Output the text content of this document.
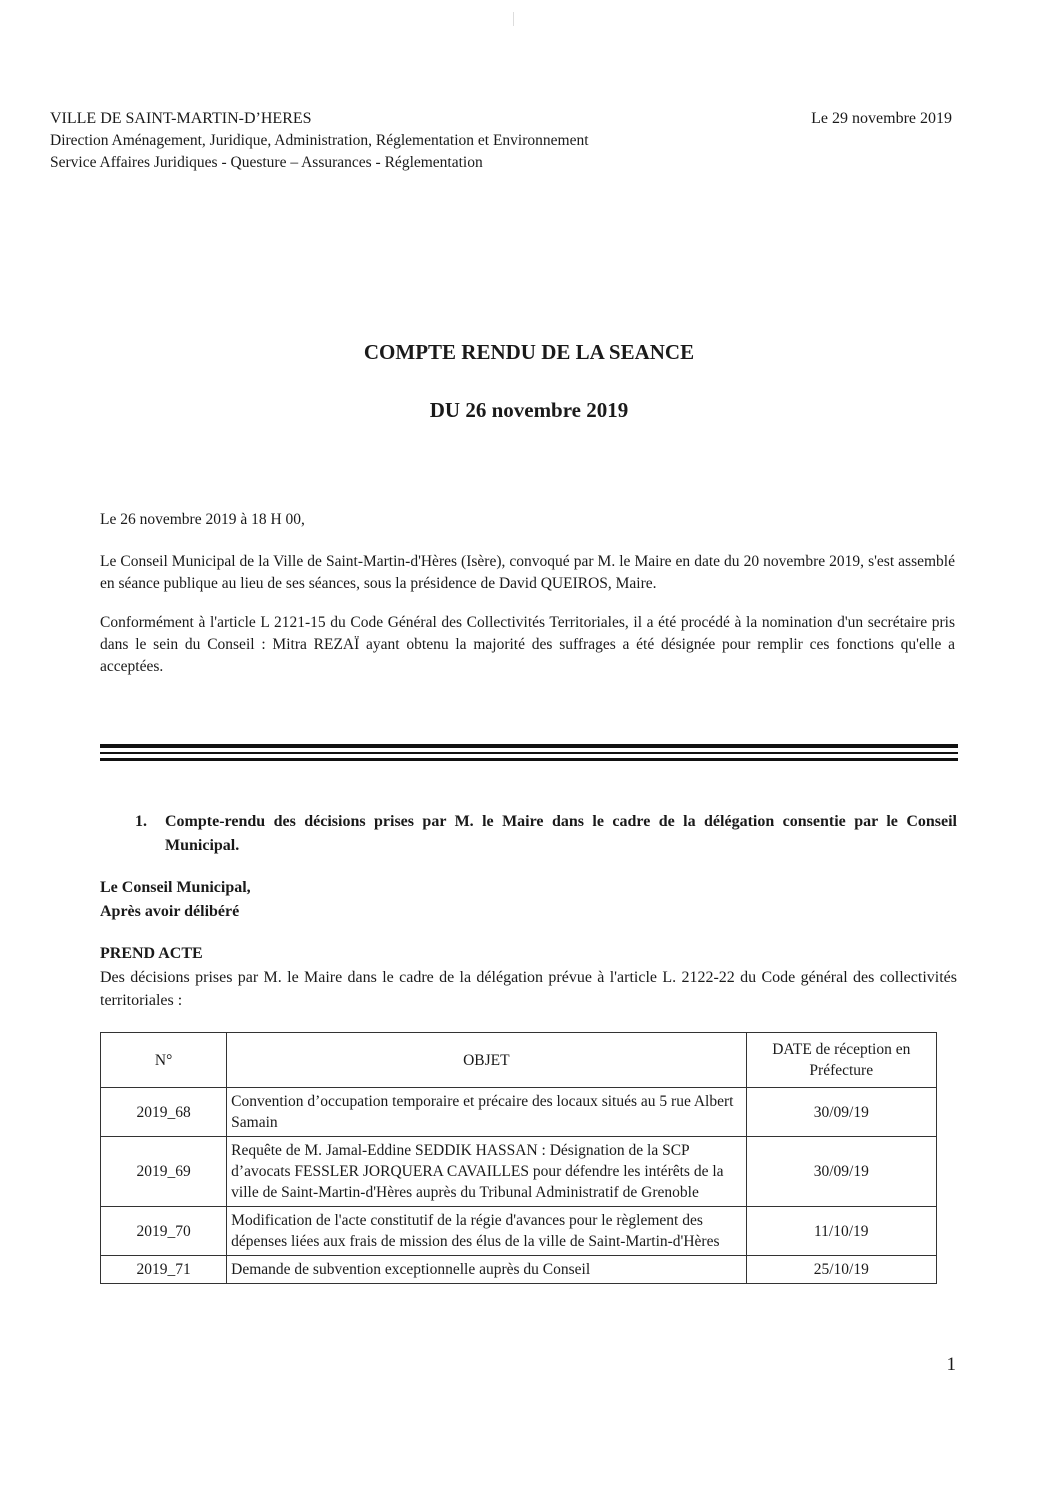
VILLE DE SAINT-MARTIN-D’HERES
Direction Aménagement, Juridique, Administration, Réglementation et Environnement
Service Affaires Juridiques - Questure – Assurances - Réglementation
Le 29 novembre 2019
COMPTE RENDU DE LA SEANCE
DU 26 novembre 2019
Le 26 novembre 2019 à 18 H 00,
Le Conseil Municipal de la Ville de Saint-Martin-d'Hères (Isère), convoqué par M. le Maire en date du 20 novembre 2019, s'est assemblé en séance publique au lieu de ses séances, sous la présidence de David QUEIROS, Maire.
Conformément à l'article L 2121-15 du Code Général des Collectivités Territoriales, il a été procédé à la nomination d'un secrétaire pris dans le sein du Conseil : Mitra REZAÏ ayant obtenu la majorité des suffrages a été désignée pour remplir ces fonctions qu'elle a acceptées.
1.	Compte-rendu des décisions prises par M. le Maire dans le cadre de la délégation consentie par le Conseil Municipal.
Le Conseil Municipal,
Après avoir délibéré
PREND ACTE
Des décisions prises par M. le Maire dans le cadre de la délégation prévue à l'article L. 2122-22 du Code général des collectivités territoriales :
N°	OBJET	DATE de réception en Préfecture
2019_68	Convention d’occupation temporaire et précaire des locaux situés au 5 rue Albert Samain	30/09/19
2019_69	Requête de M. Jamal-Eddine SEDDIK HASSAN : Désignation de la SCP d’avocats FESSLER JORQUERA CAVAILLES pour défendre les intérêts de la ville de Saint-Martin-d'Hères auprès du Tribunal Administratif de Grenoble	30/09/19
2019_70	Modification de l'acte constitutif de la régie d'avances pour le règlement des dépenses liées aux frais de mission des élus de la ville de Saint-Martin-d'Hères	11/10/19
2019_71	Demande de subvention exceptionnelle auprès du Conseil	25/10/19
1
